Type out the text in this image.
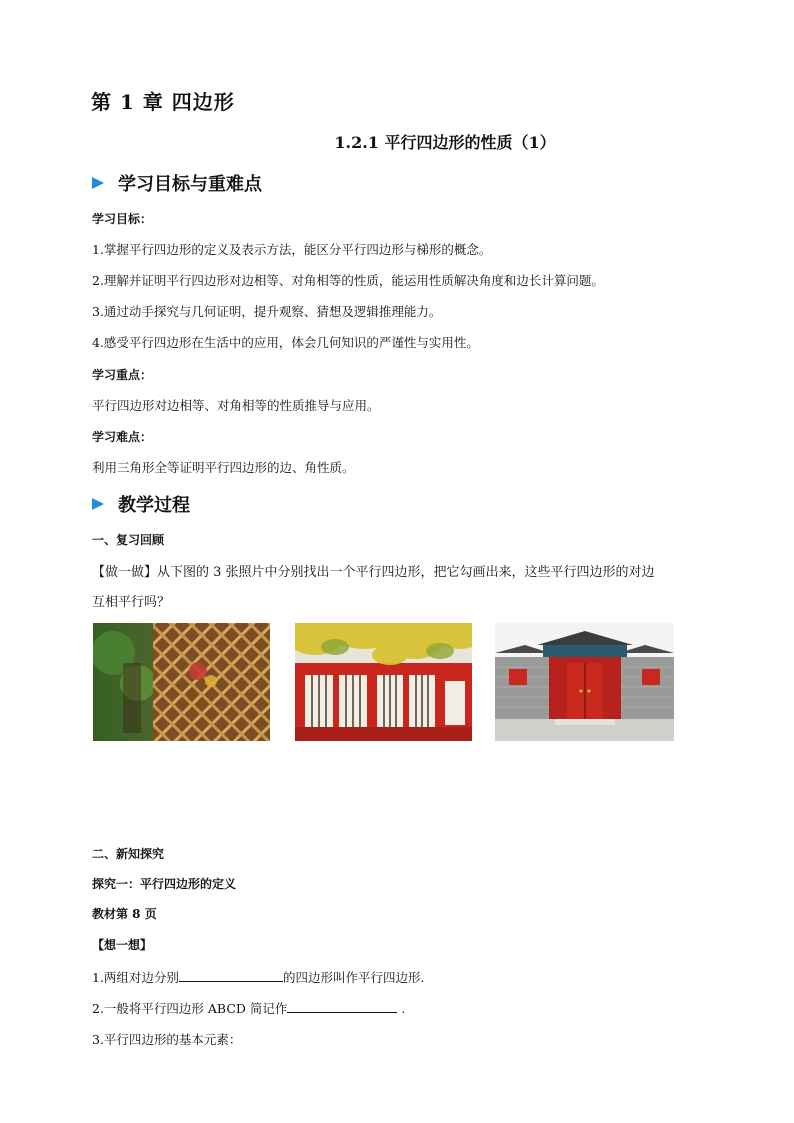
第 1 章 四边形
1.2.1 平行四边形的性质（1）
学习目标与重难点
学习目标：
1.掌握平行四边形的定义及表示方法，能区分平行四边形与梯形的概念。
2.理解并证明平行四边形对边相等、对角相等的性质，能运用性质解决角度和边长计算问题。
3.通过动手探究与几何证明，提升观察、猜想及逻辑推理能力。
4.感受平行四边形在生活中的应用，体会几何知识的严谨性与实用性。
学习重点：
平行四边形对边相等、对角相等的性质推导与应用。
学习难点：
利用三角形全等证明平行四边形的边、角性质。
教学过程
一、复习回顾
【做一做】从下图的 3 张照片中分别找出一个平行四边形，把它勾画出来，这些平行四边形的对边
互相平行吗？
二、新知探究
探究一：平行四边形的定义
教材第 8 页
【想一想】
1.两组对边分别	的四边形叫作平行四边形.
2.一般将平行四边形 ABCD 简记作	.
3.平行四边形的基本元素：
